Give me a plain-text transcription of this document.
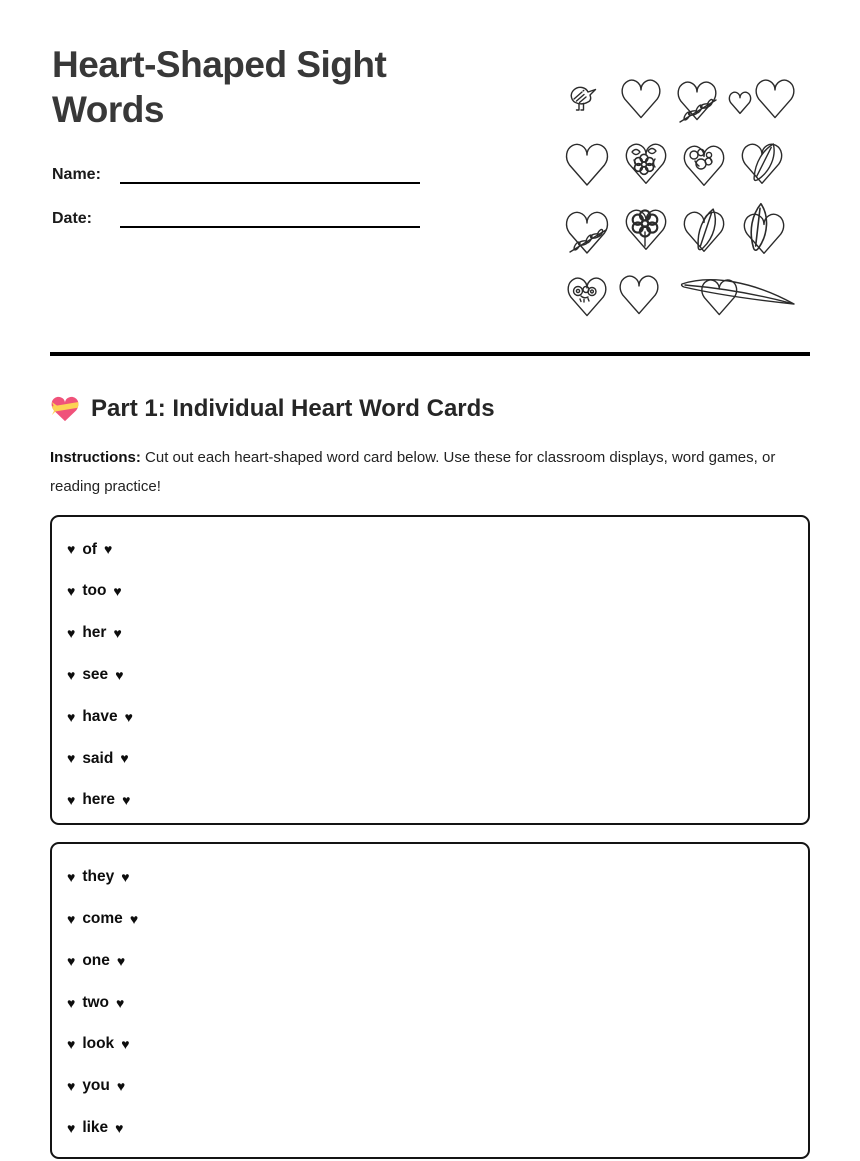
Heart-Shaped Sight Words
Name:
Date:
Part 1: Individual Heart Word Cards

Instructions: Cut out each heart-shaped word card below. Use these for classroom displays, word games, or reading practice!

♥ of ♥
♥ too ♥
♥ her ♥
♥ see ♥
♥ have ♥
♥ said ♥
♥ here ♥
♥ they ♥
♥ come ♥
♥ one ♥
♥ two ♥
♥ look ♥
♥ you ♥
♥ like ♥
